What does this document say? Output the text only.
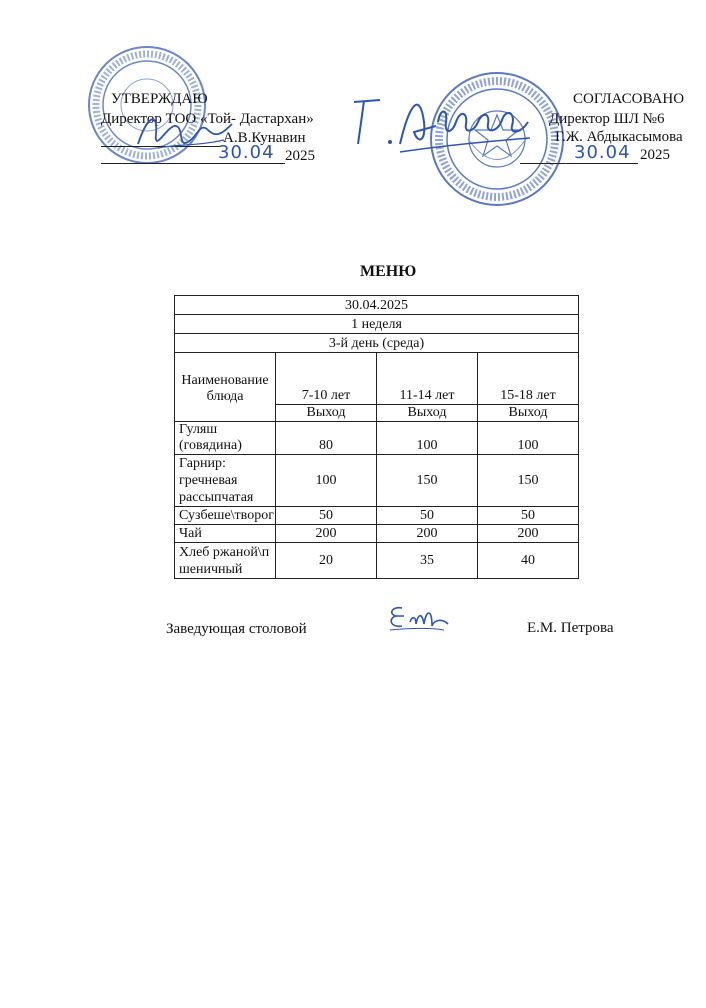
УТВЕРЖДАЮ
Директор ТОО «Той- Дастархан»
А.В.Кунавин
30.04 2025
СОГЛАСОВАНО
Директор ШЛ №6
Г.Ж. Абдыкасымова
30.04 2025
МЕНЮ
30.04.2025			
1 неделя			
3-й день (среда)			
Наименование блюда	7-10 лет	11-14 лет	15-18 лет
	Выход	Выход	Выход
Гуляш (говядина)	80	100	100
Гарнир: гречневая рассыпчатая	100	150	150
Сузбеше\творог	50	50	50
Чай	200	200	200
Хлеб ржаной\пшеничный	20	35	40
Заведующая столовой	Е.М. Петрова
